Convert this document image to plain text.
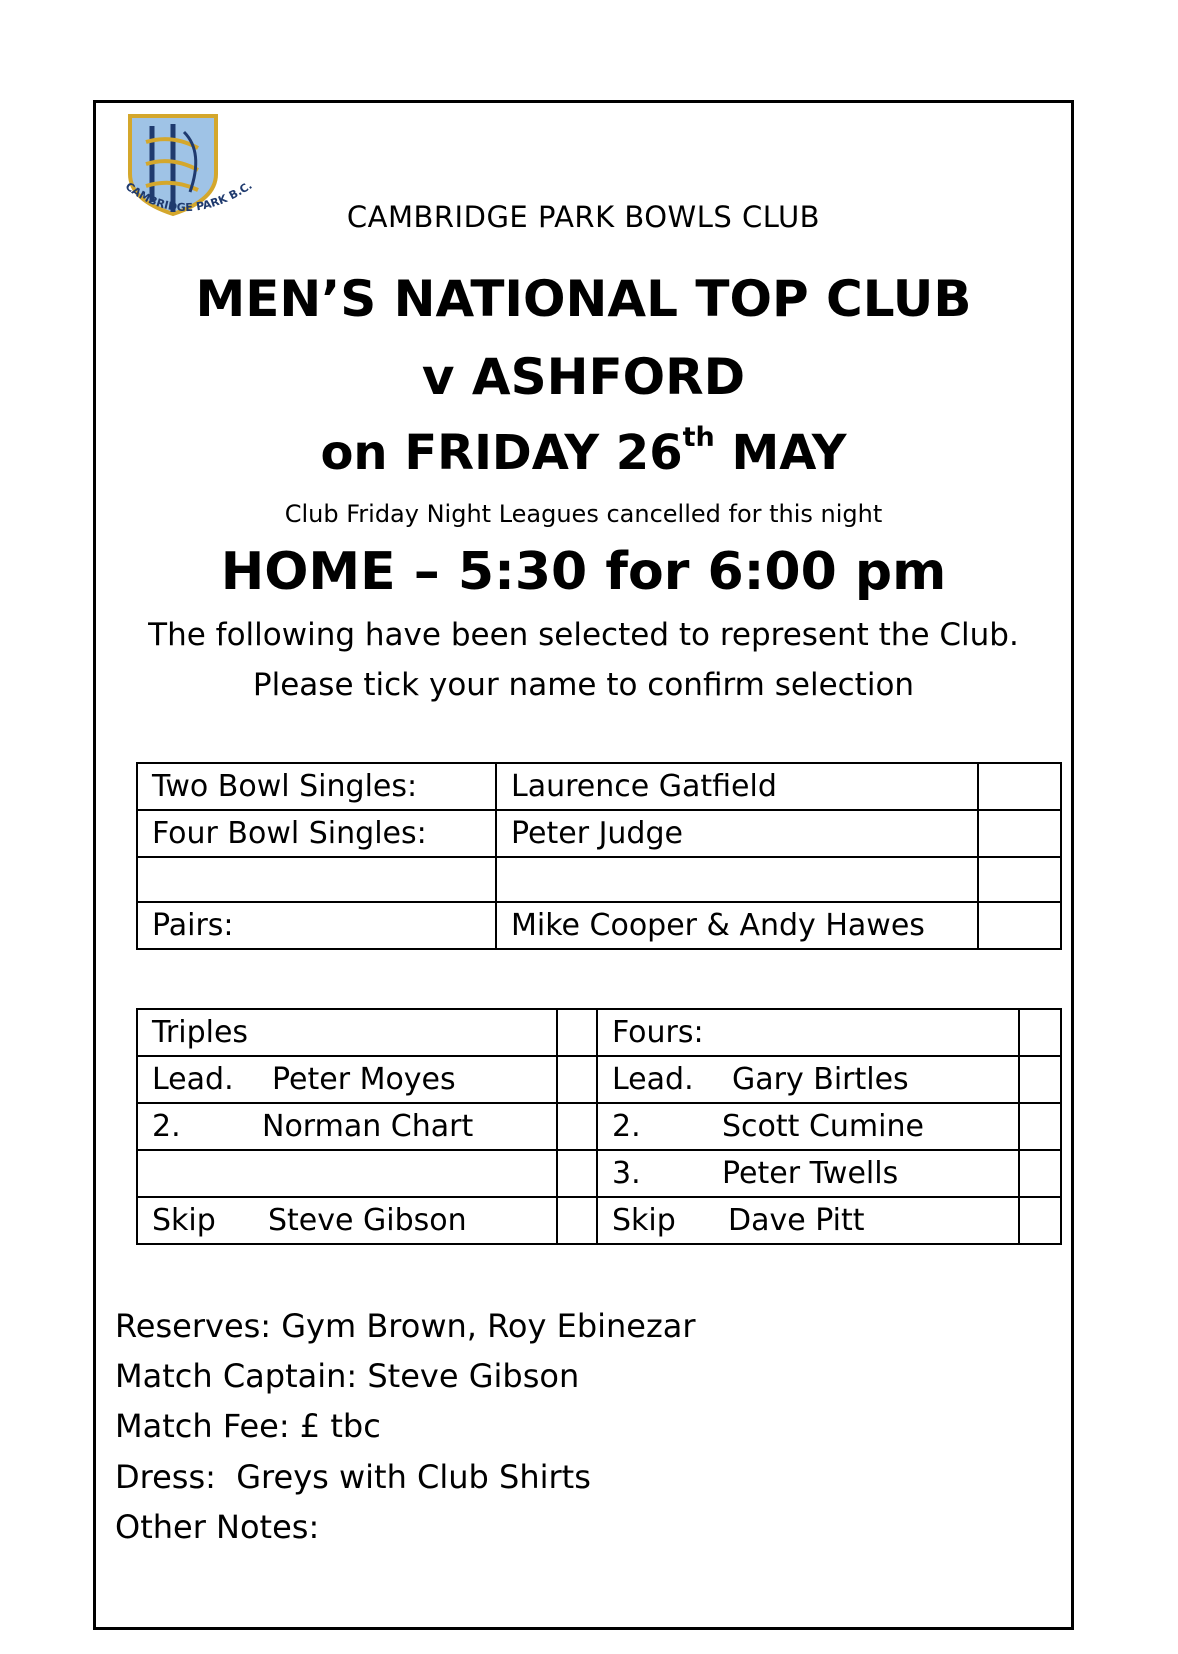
CAMBRIDGE PARK B.C.
CAMBRIDGE PARK BOWLS CLUB
MEN’S NATIONAL TOP CLUB
v ASHFORD
on FRIDAY 26th MAY
Club Friday Night Leagues cancelled for this night
HOME – 5:30 for 6:00 pm
The following have been selected to represent the Club.
Please tick your name to confirm selection
Two Bowl Singles:	Laurence Gatfield	
Four Bowl Singles:	Peter Judge	

Pairs:	Mike Cooper & Andy Hawes	
Triples		Fours:	
Lead. Peter Moyes		Lead. Gary Birtles	
2. Norman Chart		2. Scott Cumine	
		3. Peter Twells	
Skip Steve Gibson		Skip Dave Pitt	
Reserves: Gym Brown, Roy Ebinezar
Match Captain: Steve Gibson
Match Fee: £ tbc
Dress: Greys with Club Shirts
Other Notes:
